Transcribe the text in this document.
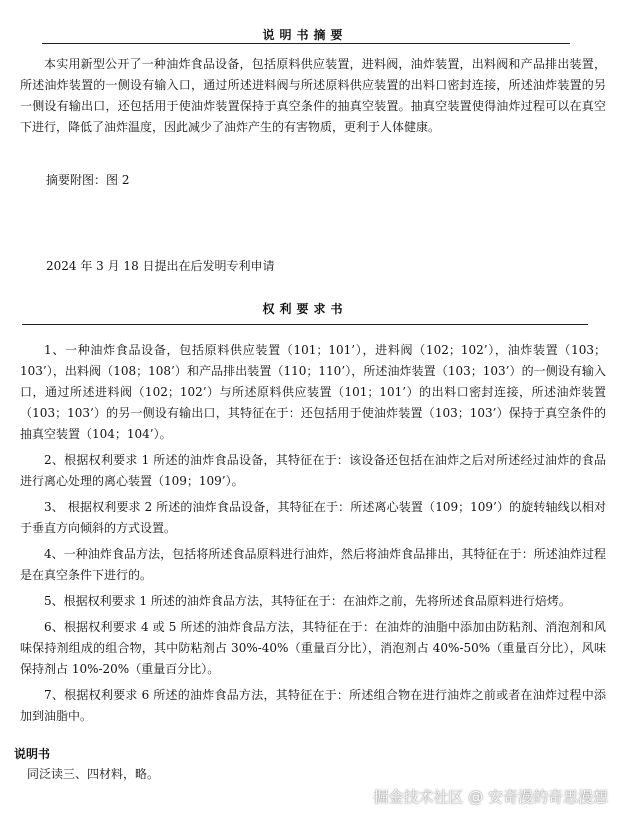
说明书摘要

本实用新型公开了一种油炸食品设备，包括原料供应装置，进料阀，油炸装置，出料阀和产品排出装置，所述油炸装置的一侧设有输入口，通过所述进料阀与所述原料供应装置的出料口密封连接，所述油炸装置的另一侧设有输出口，还包括用于使油炸装置保持于真空条件的抽真空装置。抽真空装置使得油炸过程可以在真空下进行，降低了油炸温度，因此减少了油炸产生的有害物质，更利于人体健康。

摘要附图：图 2

2024 年 3 月 18 日提出在后发明专利申请

权利要求书
1、一种油炸食品设备，包括原料供应装置（101；101’），进料阀（102；102’），油炸装置（103；103’），出料阀（108；108’）和产品排出装置（110；110’），所述油炸装置（103；103’）的一侧设有输入口，通过所述进料阀（102；102’）与所述原料供应装置（101；101’）的出料口密封连接，所述油炸装置（103；103’）的另一侧设有输出口，其特征在于：还包括用于使油炸装置（103；103’）保持于真空条件的抽真空装置（104；104’）。
2、根据权利要求 1 所述的油炸食品设备，其特征在于：该设备还包括在油炸之后对所述经过油炸的食品进行离心处理的离心装置（109；109’）。
3、 根据权利要求 2 所述的油炸食品设备，其特征在于：所述离心装置（109；109’）的旋转轴线以相对于垂直方向倾斜的方式设置。
4、一种油炸食品方法，包括将所述食品原料进行油炸，然后将油炸食品排出，其特征在于：所述油炸过程是在真空条件下进行的。
5、根据权利要求 1 所述的油炸食品方法，其特征在于：在油炸之前，先将所述食品原料进行焙烤。
6、根据权利要求 4 或 5 所述的油炸食品方法，其特征在于：在油炸的油脂中添加由防粘剂、消泡剂和风味保持剂组成的组合物，其中防粘剂占 30%-40%（重量百分比），消泡剂占 40%-50%（重量百分比），风味保持剂占 10%-20%（重量百分比）。
7、根据权利要求 6 所述的油炸食品方法，其特征在于：所述组合物在进行油炸之前或者在油炸过程中添加到油脂中。
说明书

同泛读三、四材料，略。

掘金技术社区 @ 安奇漫的奇思漫想
